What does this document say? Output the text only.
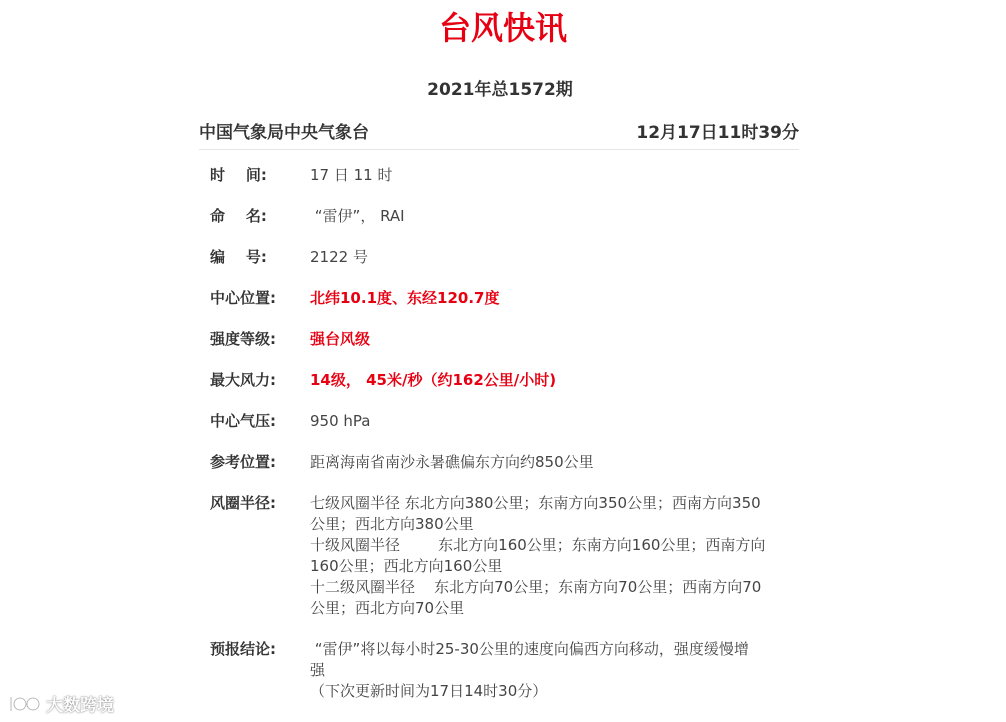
台风快讯
2021年总1572期
中国气象局中央气象台	12月17日11时39分
时    间:	17 日 11 时
命    名:	“雷伊”， RAI
编    号:	2122 号
中心位置:	北纬10.1度、东经120.7度
强度等级:	强台风级
最大风力:	14级， 45米/秒（约162公里/小时)
中心气压:	950 hPa
参考位置:	距离海南省南沙永暑礁偏东方向约850公里
风圈半径:	七级风圈半径 东北方向380公里；东南方向350公里；西南方向350
公里；西北方向380公里
十级风圈半径        东北方向160公里；东南方向160公里；西南方向
160公里；西北方向160公里
十二级风圈半径    东北方向70公里；东南方向70公里；西南方向70
公里；西北方向70公里
预报结论:	“雷伊”将以每小时25-30公里的速度向偏西方向移动，强度缓慢增
强
（下次更新时间为17日14时30分）
大数跨境
